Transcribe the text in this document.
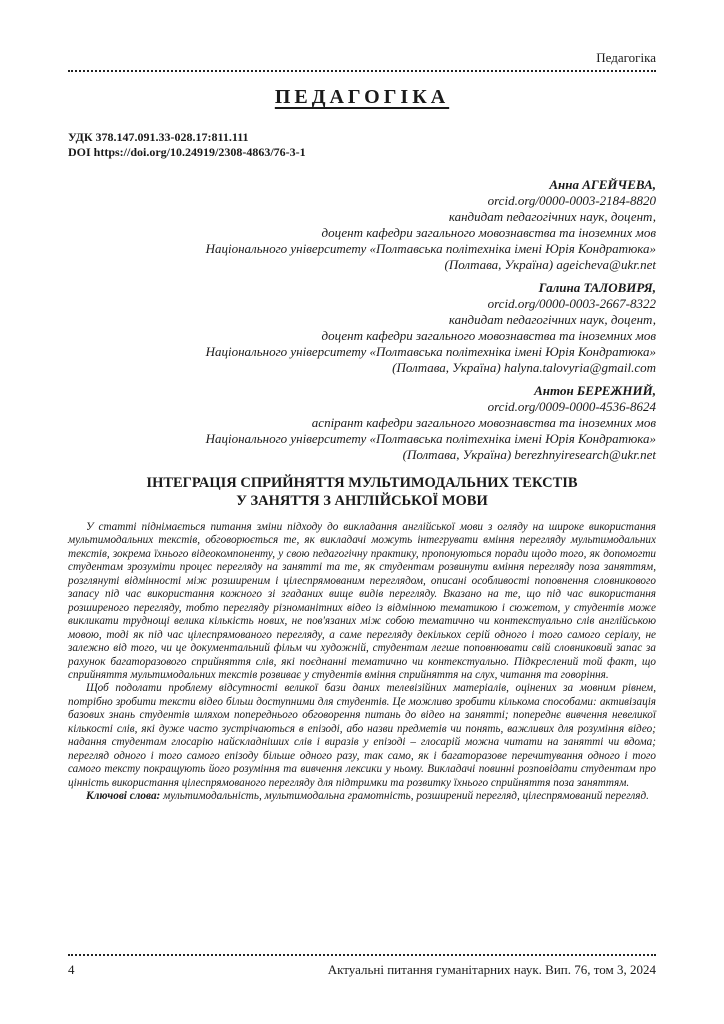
Педагогіка
ПЕДАГОГІКА
УДК 378.147.091.33-028.17:811.111
DOI https://doi.org/10.24919/2308-4863/76-3-1
Анна АГЕЙЧЕВА,
orcid.org/0000-0003-2184-8820
кандидат педагогічних наук, доцент,
доцент кафедри загального мовознавства та іноземних мов
Національного університету «Полтавська політехніка імені Юрія Кондратюка»
(Полтава, Україна) ageicheva@ukr.net
Галина ТАЛОВИРЯ,
orcid.org/0000-0003-2667-8322
кандидат педагогічних наук, доцент,
доцент кафедри загального мовознавства та іноземних мов
Національного університету «Полтавська політехніка імені Юрія Кондратюка»
(Полтава, Україна) halyna.talovyria@gmail.com
Антон БЕРЕЖНИЙ,
orcid.org/0009-0000-4536-8624
аспірант кафедри загального мовознавства та іноземних мов
Національного університету «Полтавська політехніка імені Юрія Кондратюка»
(Полтава, Україна) berezhnyiresearch@ukr.net
ІНТЕГРАЦІЯ СПРИЙНЯТТЯ МУЛЬТИМОДАЛЬНИХ ТЕКСТІВ
У ЗАНЯТТЯ З АНГЛІЙСЬКОЇ МОВИ

У статті піднімається питання зміни підходу до викладання англійської мови з огляду на широке використання мультимодальних текстів, обговорюється те, як викладачі можуть інтегрувати вміння перегляду мультимодальних текстів, зокрема їхнього відеокомпоненту, у свою педагогічну практику, пропонуються поради щодо того, як допомогти студентам зрозуміти процес перегляду на занятті та те, як студентам розвинути вміння перегляду поза заняттям, розглянуті відмінності між розширеним і цілеспрямованим переглядом, описані особливості поповнення словникового запасу під час використання кожного зі згаданих вище видів перегляду. Вказано на те, що під час використання розширеного перегляду, тобто перегляду різноманітних відео із відмінною тематикою і сюжетом, у студентів може викликати труднощі велика кількість нових, не пов'язаних між собою тематично чи контекстуально слів англійською мовою, тоді як під час цілеспрямованого перегляду, а саме перегляду декількох серій одного і того самого серіалу, не залежно від того, чи це документальний фільм чи художній, студентам легше поповнювати свій словниковий запас за рахунок багаторазового сприйняття слів, які поєднанні тематично чи контекстуально. Підкреслений той факт, що сприйняття мультимодальних текстів розвиває у студентів вміння сприйняття на слух, читання та говоріння.

Щоб подолати проблему відсутності великої бази даних телевізійних матеріалів, оцінених за мовним рівнем, потрібно зробити тексти відео більш доступними для студентів. Це можливо зробити кількома способами: активізація базових знань студентів шляхом попереднього обговорення питань до відео на занятті; попереднє вивчення невеликої кількості слів, які дуже часто зустрічаються в епізоді, або назви предметів чи понять, важливих для розуміння відео; надання студентам глосарію найскладніших слів і виразів у епізоді – глосарій можна читати на занятті чи вдома; перегляд одного і того самого епізоду більше одного разу, так само, як і багаторазове перечитування одного і того самого тексту покращують його розуміння та вивчення лексики у ньому. Викладачі повинні розповідати студентам про цінність використання цілеспрямованого перегляду для підтримки та розвитку їхнього сприйняття поза заняттям.

Ключові слова: мультимодальність, мультимодальна грамотність, розширений перегляд, цілеспрямований перегляд.

4	Актуальні питання гуманітарних наук. Вип. 76, том 3, 2024
